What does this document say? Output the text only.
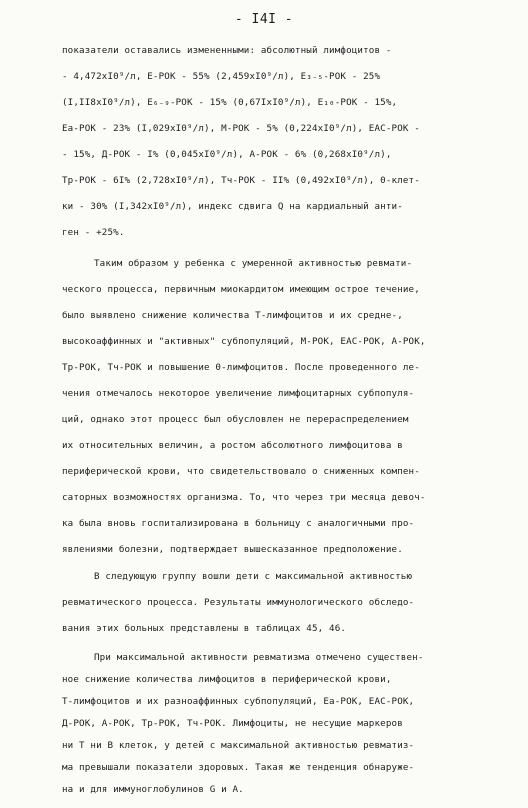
- I4I -
показатели оставались измененными: абсолютный лимфоцитов -
- 4,472xI0⁹/л, Е-РОК - 55% (2,459xI0⁹/л), Е₃₋₅-РОК - 25%
(I,II8xI0⁹/л), Е₆₋₉-РОК - 15% (0,67IxI0⁹/л), Е₁₀-РОК - 15%,
Еа-РОК - 23% (I,029xI0⁹/л), М-РОК - 5% (0,224xI0⁹/л), ЕАС-РОК -
- 15%, Д-РОК - I% (0,045xI0⁹/л), А-РОК - 6% (0,268xI0⁹/л),
Тр-РОК - 6I% (2,728xI0⁹/л), Тч-РОК - II% (0,492xI0⁹/л), 0-клет-
ки - 30% (I,342xI0⁹/л), индекс сдвига Q на кардиальный анти-
ген - +25%.
Таким образом у ребенка с умеренной активностью ревмати-
ческого процесса, первичным миокардитом имеющим острое течение,
было выявлено снижение количества Т-лимфоцитов и их средне-,
высокоаффинных и "активных" субпопуляций, М-РОК, ЕАС-РОК, А-РОК,
Тр-РОК, Тч-РОК и повышение 0-лимфоцитов. После проведенного ле-
чения отмечалось некоторое увеличение лимфоцитарных субпопуля-
ций, однако этот процесс был обусловлен не перераспределением
их относительных величин, а ростом абсолютного лимфоцитова в
периферической крови, что свидетельствовало о сниженных компен-
саторных возможностях организма. То, что через три месяца девоч-
ка была вновь госпитализирована в больницу с аналогичными про-
явлениями болезни, подтверждает вышесказанное предположение.
В следующую группу вошли дети с максимальной активностью
ревматического процесса. Результаты иммунологического обследо-
вания этих больных представлены в таблицах 45, 46.
При максимальной активности ревматизма отмечено существен-
ное снижение количества лимфоцитов в периферической крови,
Т-лимфоцитов и их разноаффинных субпопуляций, Еа-РОК, ЕАС-РОК,
Д-РОК, А-РОК, Тр-РОК, Тч-РОК. Лимфоциты, не несущие маркеров
ни Т ни В клеток, у детей с максимальной активностью ревматиз-
ма превышали показатели здоровых. Такая же тенденция обнаруже-
на и для иммуноглобулинов G и А.
